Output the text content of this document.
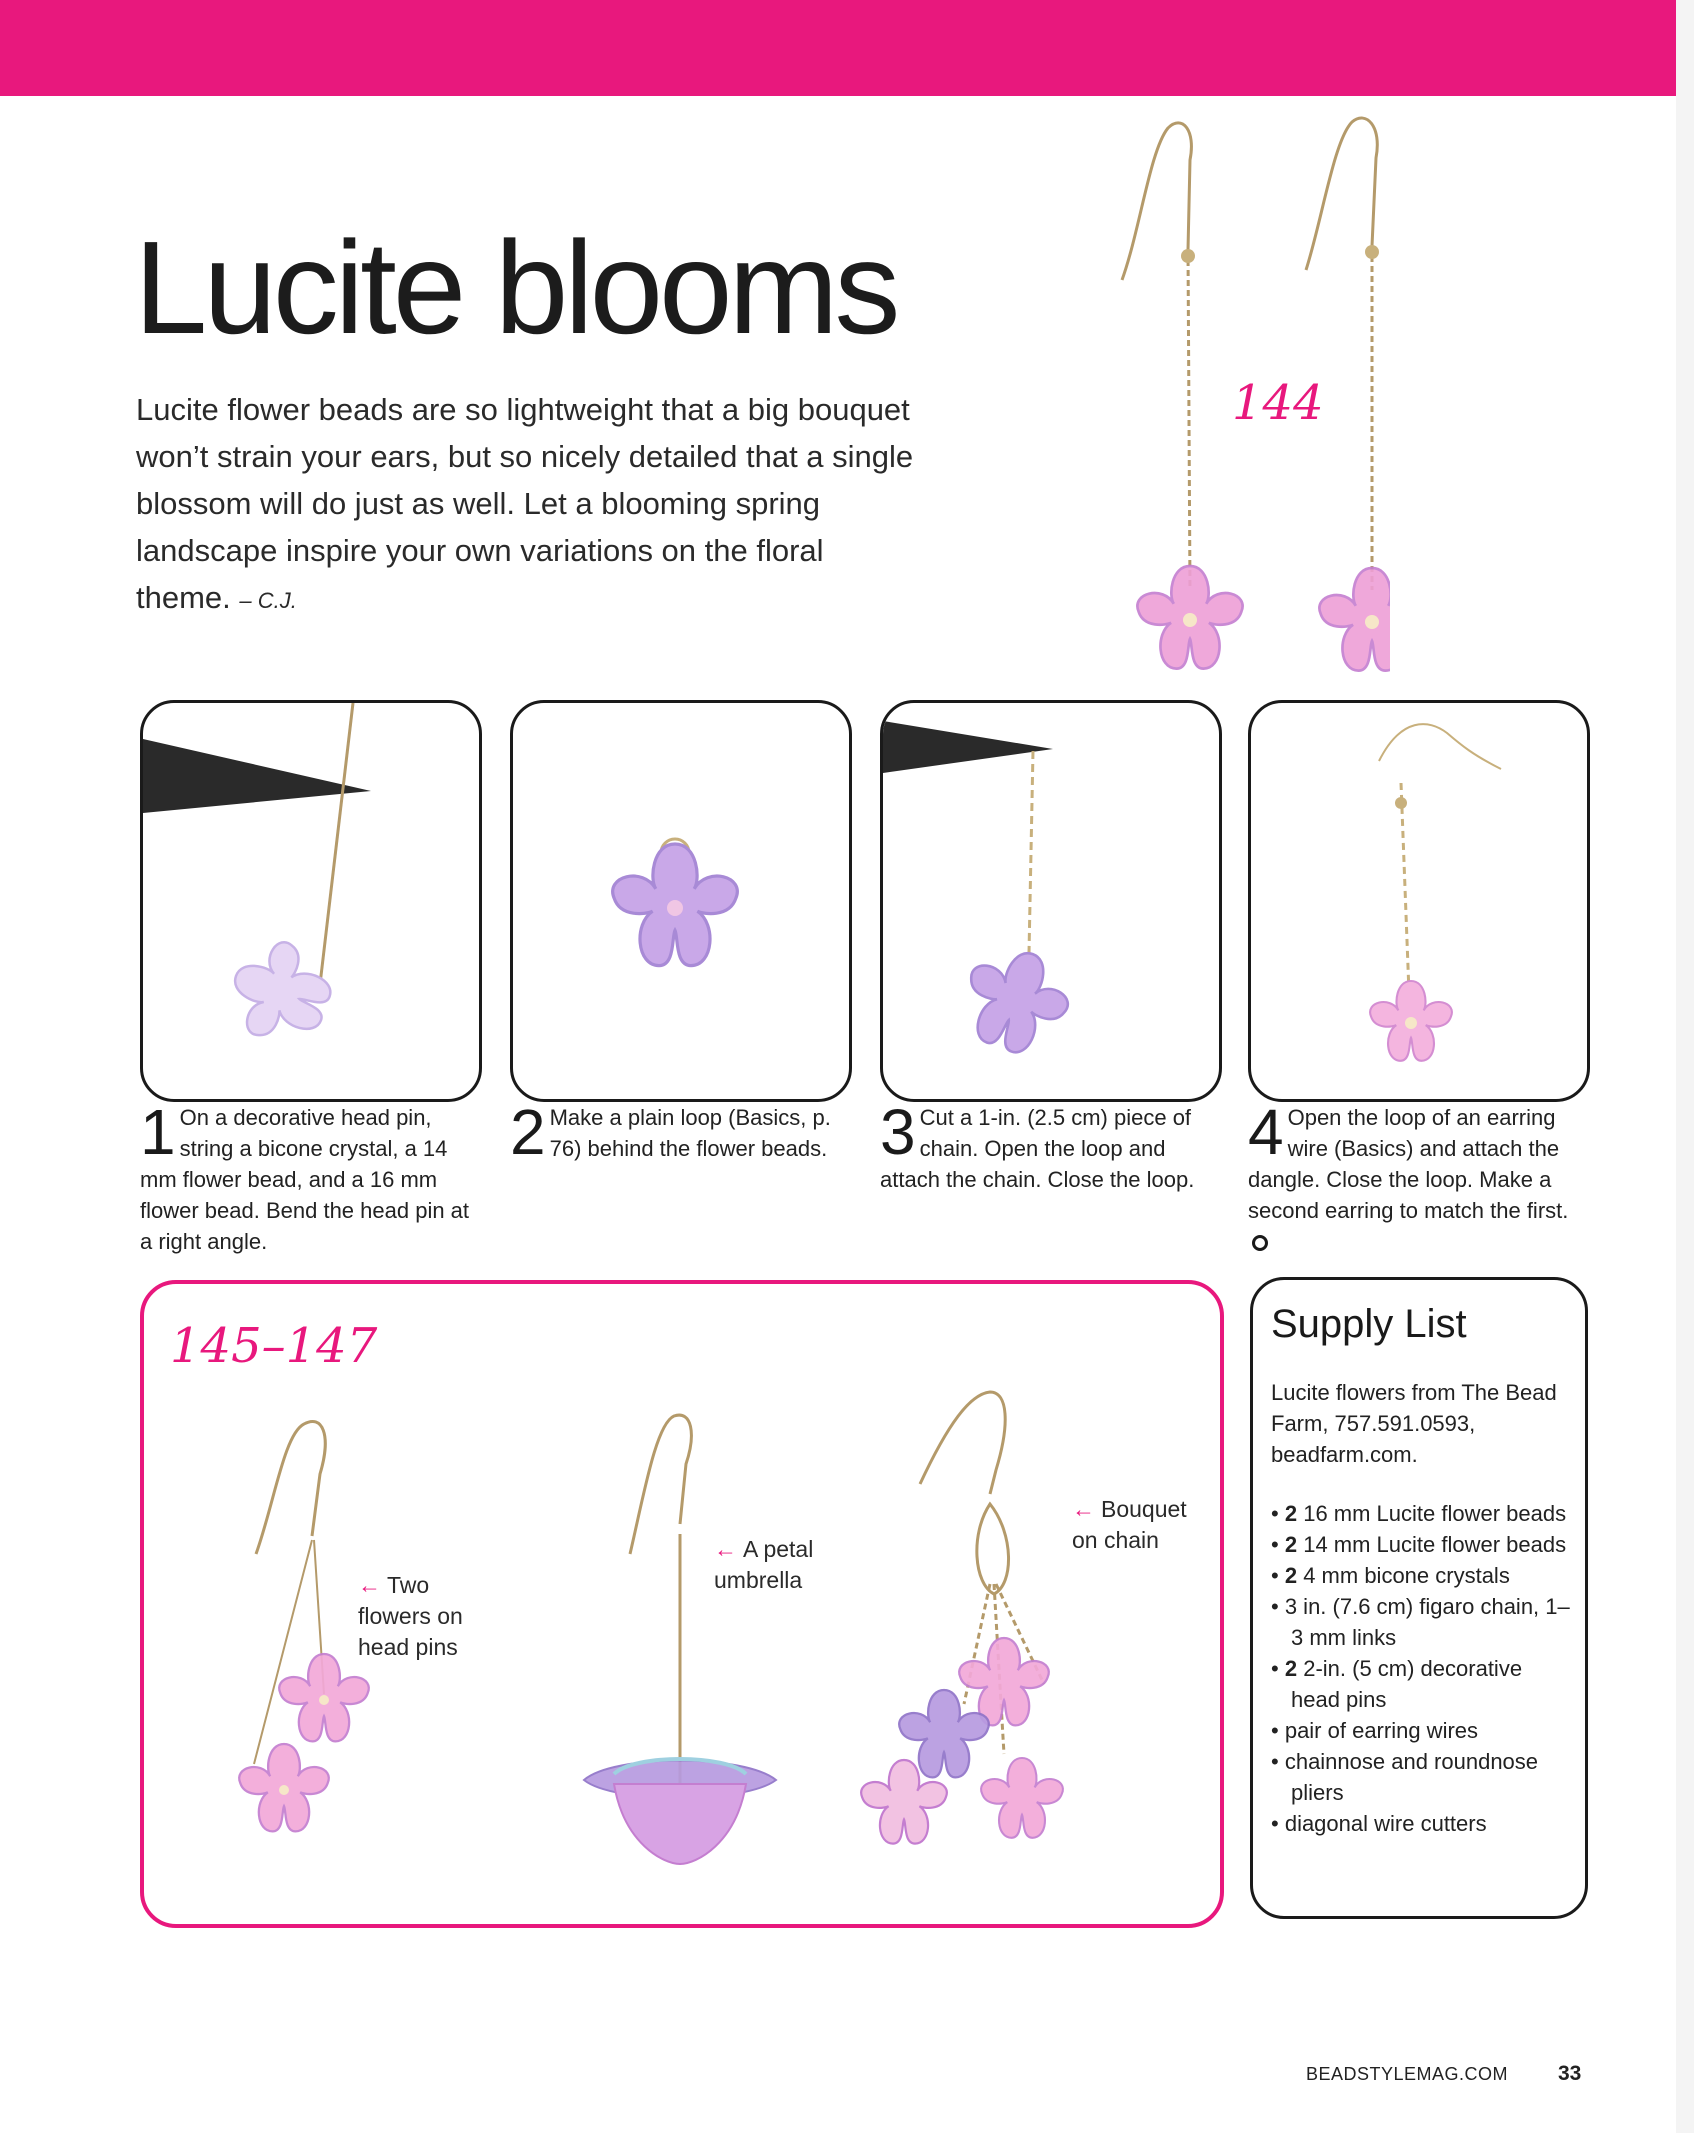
Lucite blooms

Lucite flower beads are so lightweight that a big bouquet won’t strain your ears, but so nicely detailed that a single blossom will do just as well. Let a blooming spring landscape inspire your own variations on the floral theme. – C.J.

144
1 On a decorative head pin, string a bicone crystal, a 14 mm flower bead, and a 16 mm flower bead. Bend the head pin at a right angle.
2 Make a plain loop (Basics, p. 76) behind the flower beads. 3 Cut a 1-in. (2.5 cm) piece of chain. Open the loop and attach the chain. Close the loop.
4 Open the loop of an earring wire (Basics) and attach the dangle. Close the loop. Make a second earring to match the first.
← Two flowers on head pins
← A petal umbrella
← Bouquet on chain
145–147	Supply List
Lucite flowers from The Bead Farm, 757.591.0593, beadfarm.com.
• 2 16 mm Lucite flower beads
• 2 14 mm Lucite flower beads
• 2 4 mm bicone crystals
• 3 in. (7.6 cm) figaro chain, 1–3 mm links
• 2 2-in. (5 cm) decorative head pins
• pair of earring wires
• chainnose and roundnose pliers
• diagonal wire cutters
BEADSTYLEMAG.COM 33
